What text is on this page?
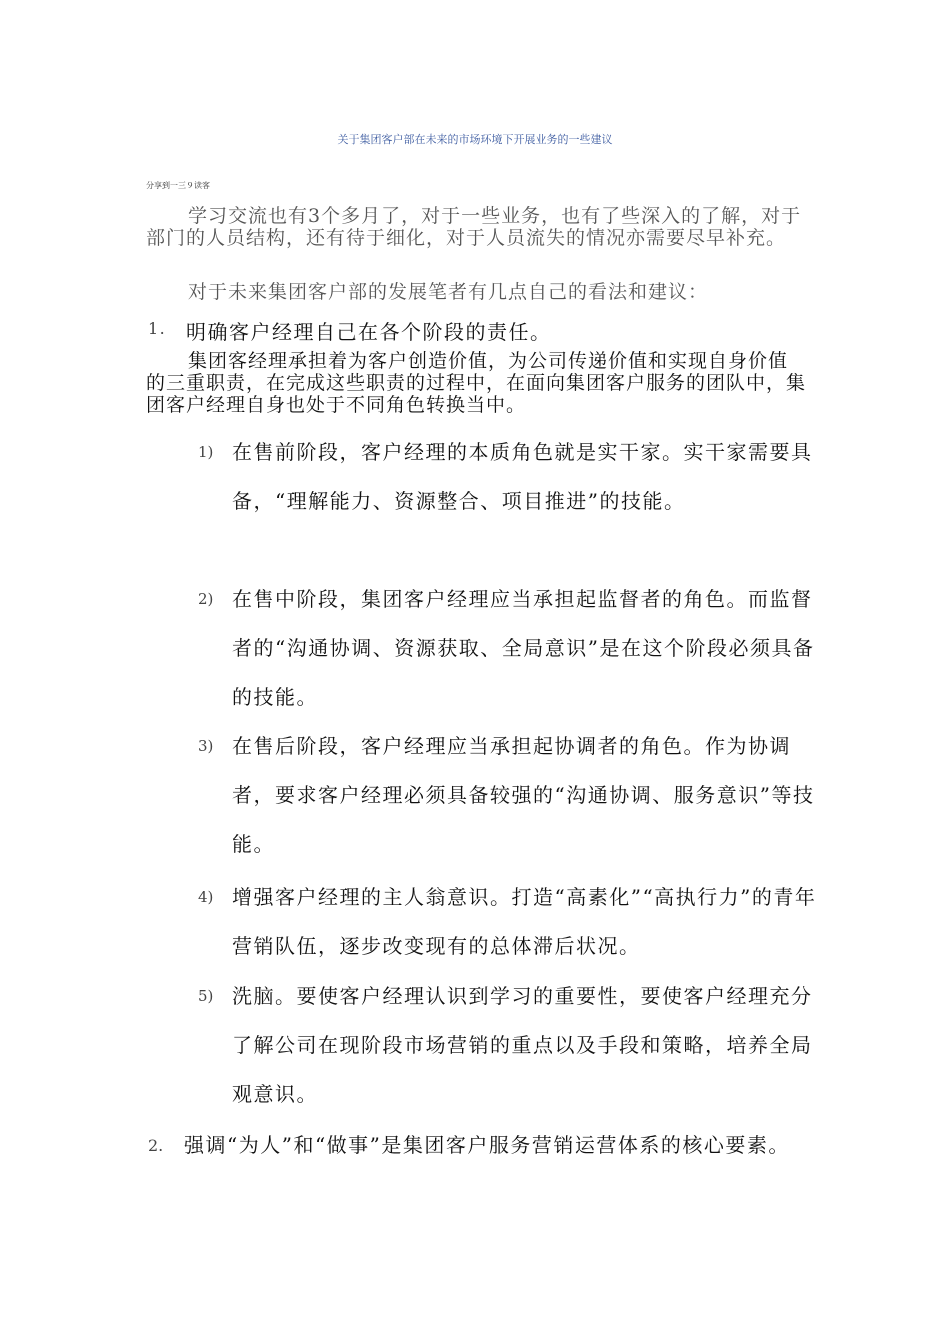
关于集团客户部在未来的市场环境下开展业务的一些建议
分享到一三９读客
学习交流也有3个多月了，对于一些业务，也有了些深入的了解，对于部门的人员结构，还有待于细化，对于人员流失的情况亦需要尽早补充。
对于未来集团客户部的发展笔者有几点自己的看法和建议：
1. 明确客户经理自己在各个阶段的责任。
集团客经理承担着为客户创造价值，为公司传递价值和实现自身价值的三重职责，在完成这些职责的过程中，在面向集团客户服务的团队中，集团客户经理自身也处于不同角色转换当中。
1) 在售前阶段，客户经理的本质角色就是实干家。实干家需要具备，“理解能力、资源整合、项目推进”的技能。
2) 在售中阶段，集团客户经理应当承担起监督者的角色。而监督者的“沟通协调、资源获取、全局意识”是在这个阶段必须具备的技能。
3) 在售后阶段，客户经理应当承担起协调者的角色。作为协调者，要求客户经理必须具备较强的“沟通协调、服务意识”等技能。
4) 增强客户经理的主人翁意识。打造“高素化”“高执行力”的青年营销队伍，逐步改变现有的总体滞后状况。
5) 洗脑。要使客户经理认识到学习的重要性，要使客户经理充分了解公司在现阶段市场营销的重点以及手段和策略，培养全局观意识。
2. 强调“为人”和“做事”是集团客户服务营销运营体系的核心要素。
